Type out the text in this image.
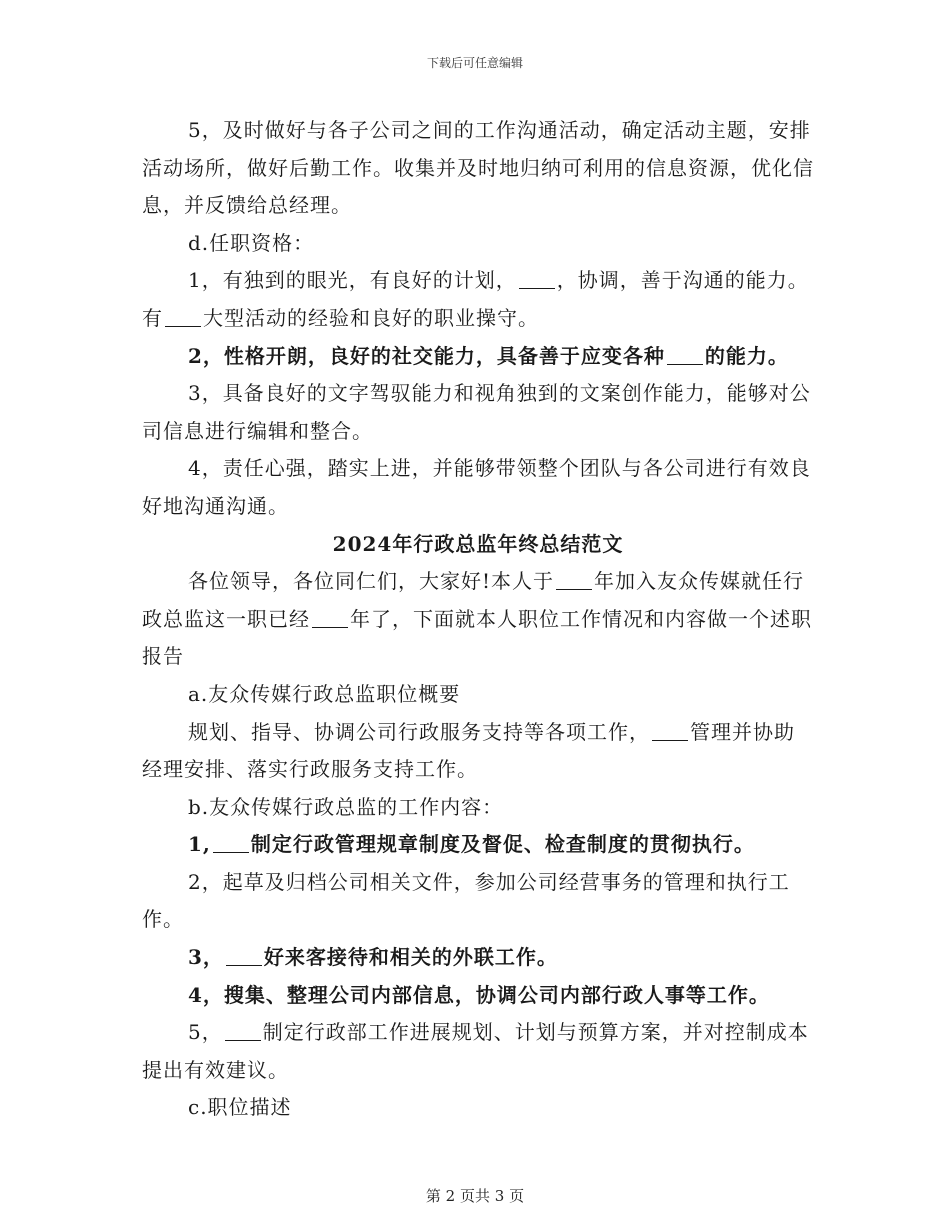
下载后可任意编辑

5，及时做好与各子公司之间的工作沟通活动，确定活动主题，安排活动场所，做好后勤工作。收集并及时地归纳可利用的信息资源，优化信息，并反馈给总经理。

d.任职资格：

1，有独到的眼光，有良好的计划， ，协调，善于沟通的能力。有 大型活动的经验和良好的职业操守。

2，性格开朗，良好的社交能力，具备善于应变各种 的能力。

3，具备良好的文字驾驭能力和视角独到的文案创作能力，能够对公司信息进行编辑和整合。

4，责任心强，踏实上进，并能够带领整个团队与各公司进行有效良好地沟通沟通。

2024年行政总监年终总结范文

各位领导，各位同仁们，大家好!本人于 年加入友众传媒就任行政总监这一职已经 年了，下面就本人职位工作情况和内容做一个述职报告

a.友众传媒行政总监职位概要

规划、指导、协调公司行政服务支持等各项工作， 管理并协助经理安排、落实行政服务支持工作。

b.友众传媒行政总监的工作内容：

1, 制定行政管理规章制度及督促、检查制度的贯彻执行。

2，起草及归档公司相关文件，参加公司经营事务的管理和执行工作。

3， 好来客接待和相关的外联工作。

4，搜集、整理公司内部信息，协调公司内部行政人事等工作。

5， 制定行政部工作进展规划、计划与预算方案，并对控制成本提出有效建议。

c.职位描述

第 2 页共 3 页
